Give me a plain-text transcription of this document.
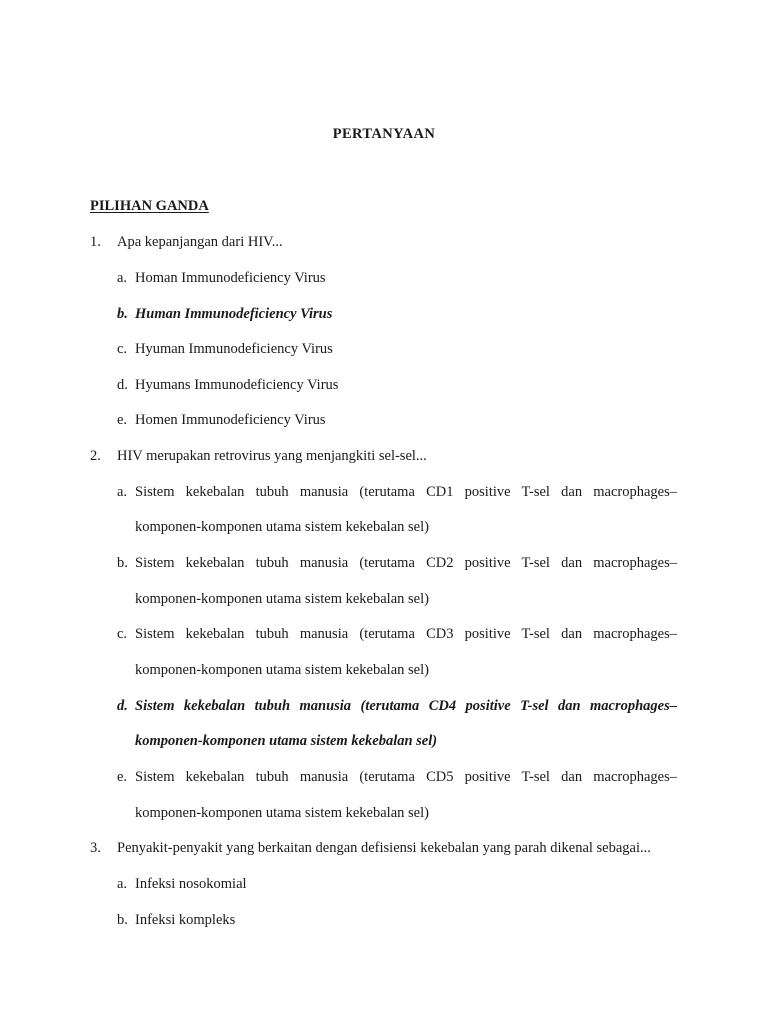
PERTANYAAN
PILIHAN GANDA
1. Apa kepanjangan dari HIV...
a. Homan Immunodeficiency Virus
b. Human Immunodeficiency Virus
c. Hyuman Immunodeficiency Virus
d. Hyumans Immunodeficiency Virus
e. Homen Immunodeficiency Virus
2. HIV merupakan retrovirus yang menjangkiti sel-sel...
a. Sistem kekebalan tubuh manusia (terutama CD1 positive T-sel dan macrophages–
komponen-komponen utama sistem kekebalan sel)
b. Sistem kekebalan tubuh manusia (terutama CD2 positive T-sel dan macrophages–
komponen-komponen utama sistem kekebalan sel)
c. Sistem kekebalan tubuh manusia (terutama CD3 positive T-sel dan macrophages–
komponen-komponen utama sistem kekebalan sel)
d. Sistem kekebalan tubuh manusia (terutama CD4 positive T-sel dan macrophages–
komponen-komponen utama sistem kekebalan sel)
e. Sistem kekebalan tubuh manusia (terutama CD5 positive T-sel dan macrophages–
komponen-komponen utama sistem kekebalan sel)
3. Penyakit-penyakit yang berkaitan dengan defisiensi kekebalan yang parah dikenal sebagai...
a. Infeksi nosokomial
b. Infeksi kompleks
